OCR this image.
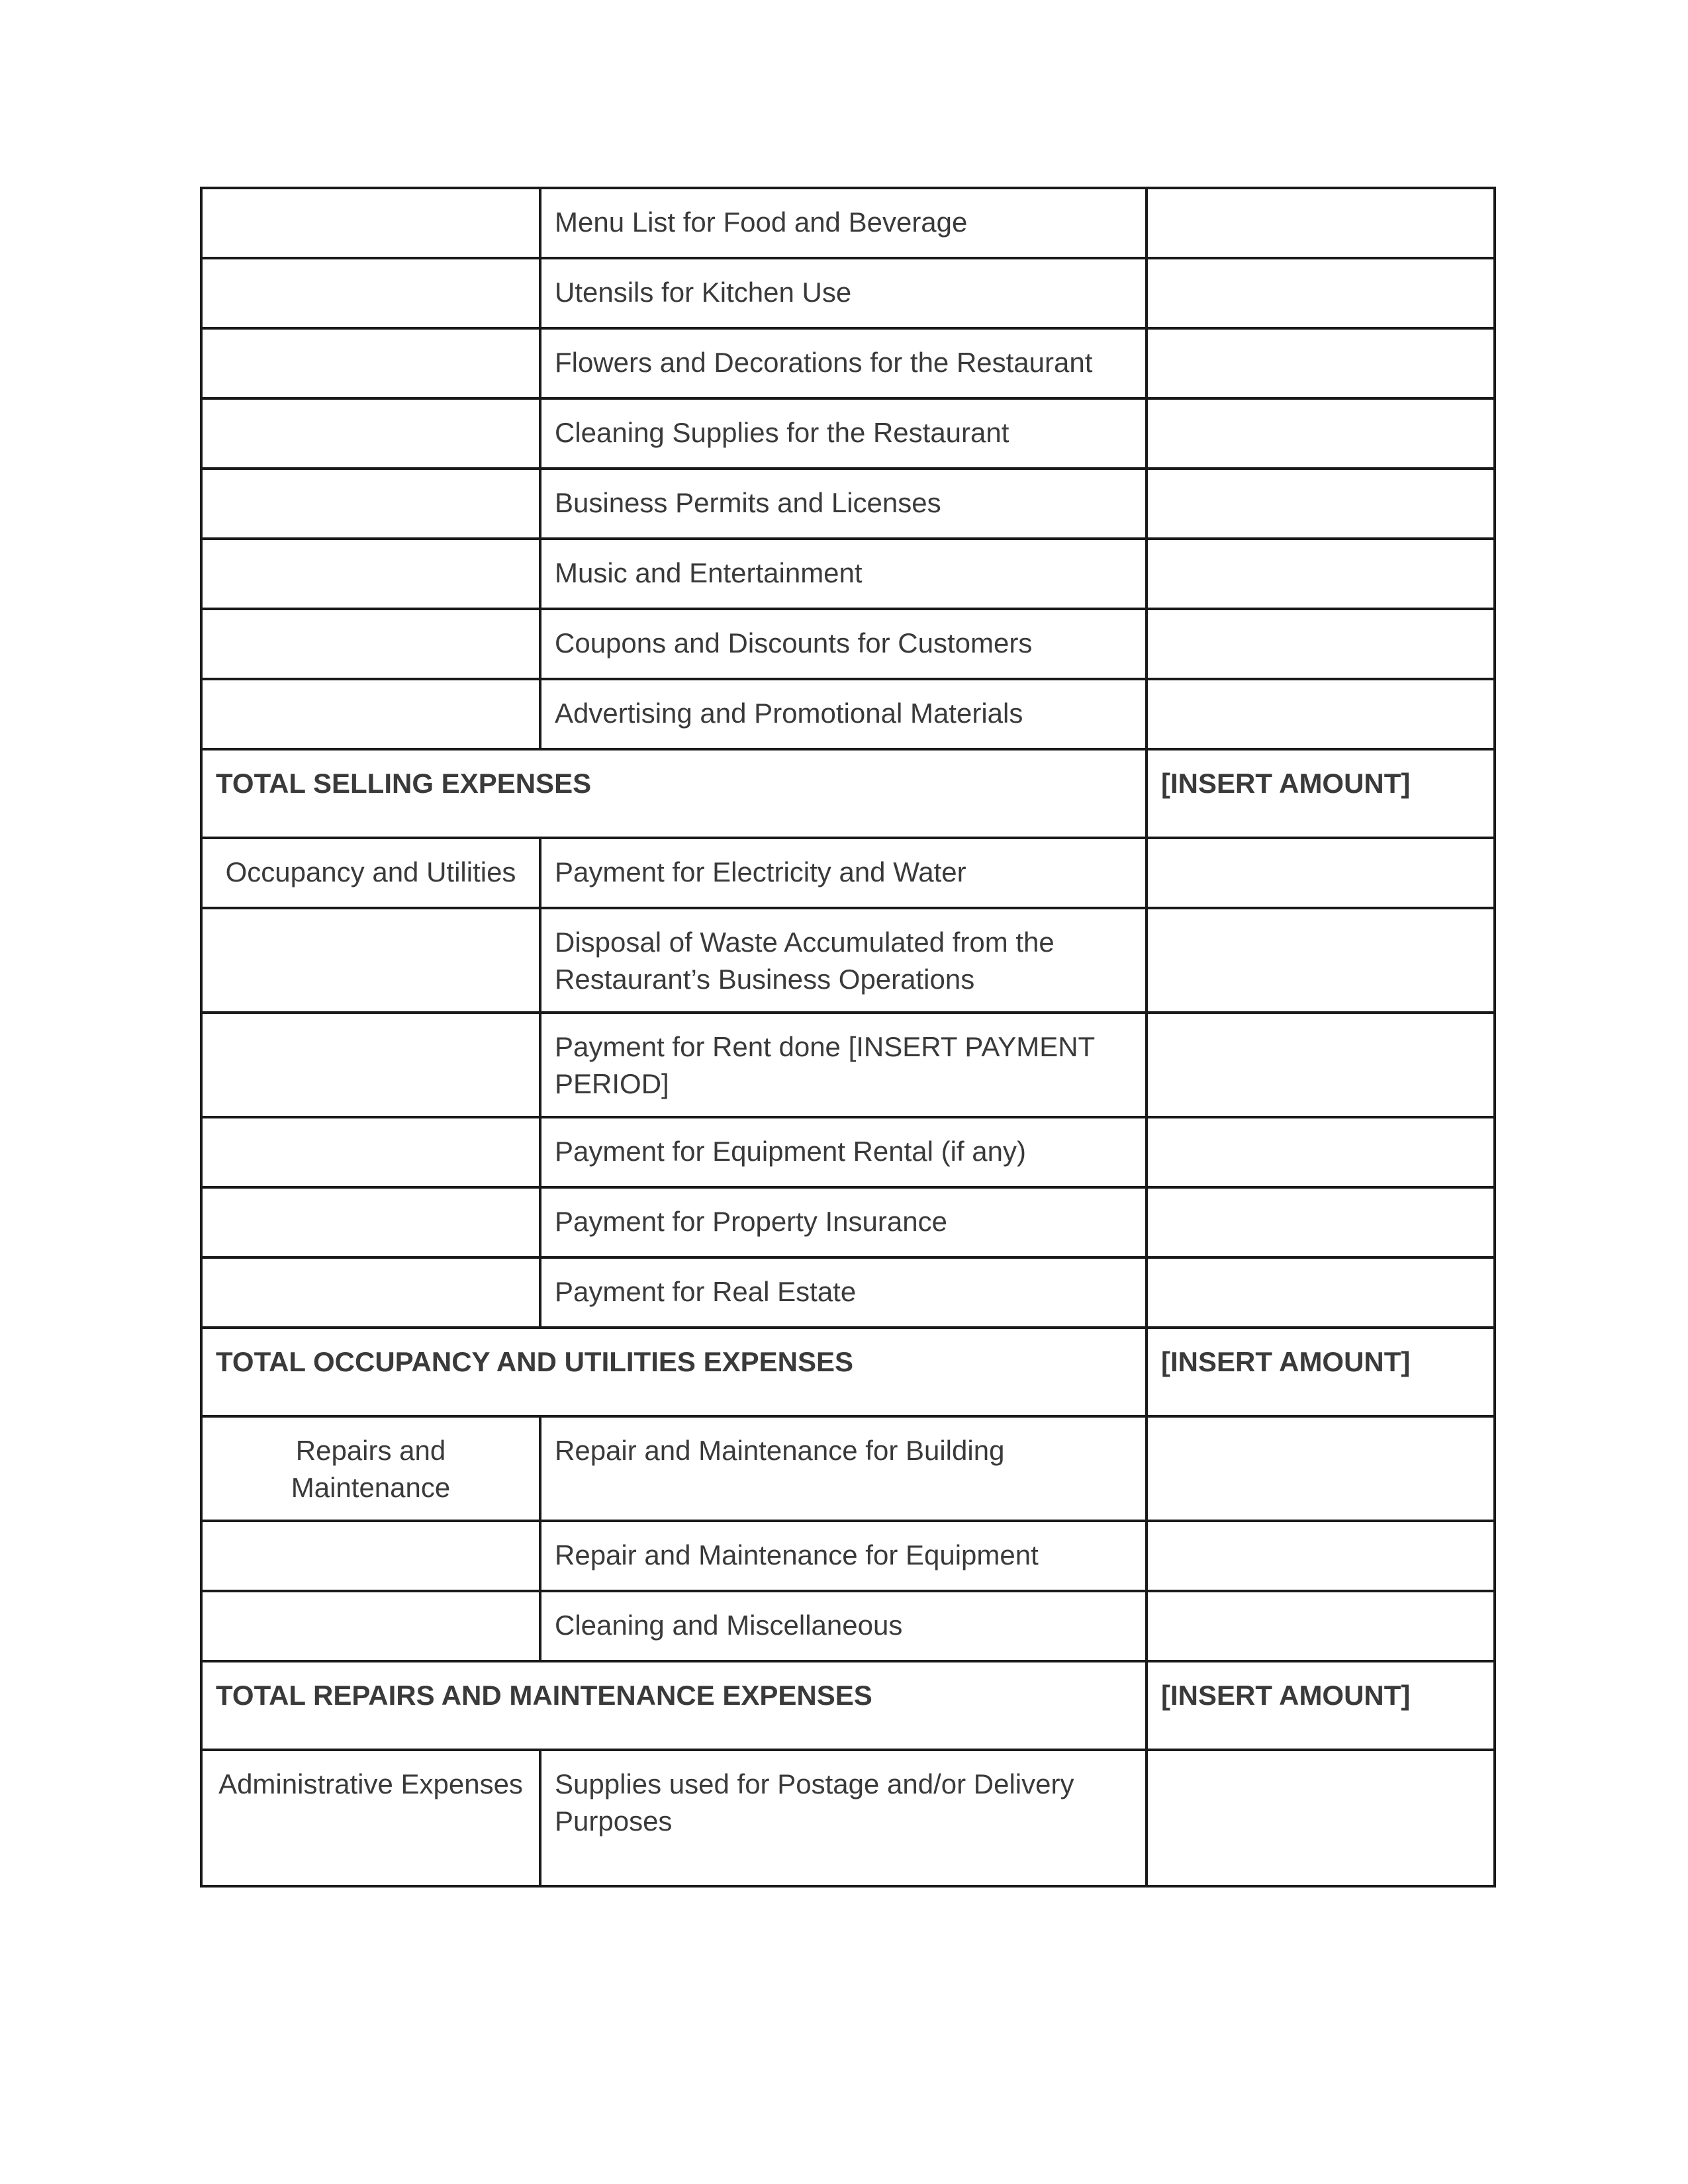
	Menu List for Food and Beverage	
	Utensils for Kitchen Use	
	Flowers and Decorations for the Restaurant	
	Cleaning Supplies for the Restaurant	
	Business Permits and Licenses	
	Music and Entertainment	
	Coupons and Discounts for Customers	
	Advertising and Promotional Materials	
TOTAL SELLING EXPENSES		[INSERT AMOUNT]
Occupancy and Utilities	Payment for Electricity and Water	
	Disposal of Waste Accumulated from the Restaurant’s Business Operations	
	Payment for Rent done [INSERT PAYMENT PERIOD]	
	Payment for Equipment Rental (if any)	
	Payment for Property Insurance	
	Payment for Real Estate	
TOTAL OCCUPANCY AND UTILITIES EXPENSES		[INSERT AMOUNT]
Repairs and Maintenance	Repair and Maintenance for Building	
	Repair and Maintenance for Equipment	
	Cleaning and Miscellaneous	
TOTAL REPAIRS AND MAINTENANCE EXPENSES		[INSERT AMOUNT]
Administrative Expenses	Supplies used for Postage and/or Delivery Purposes	
